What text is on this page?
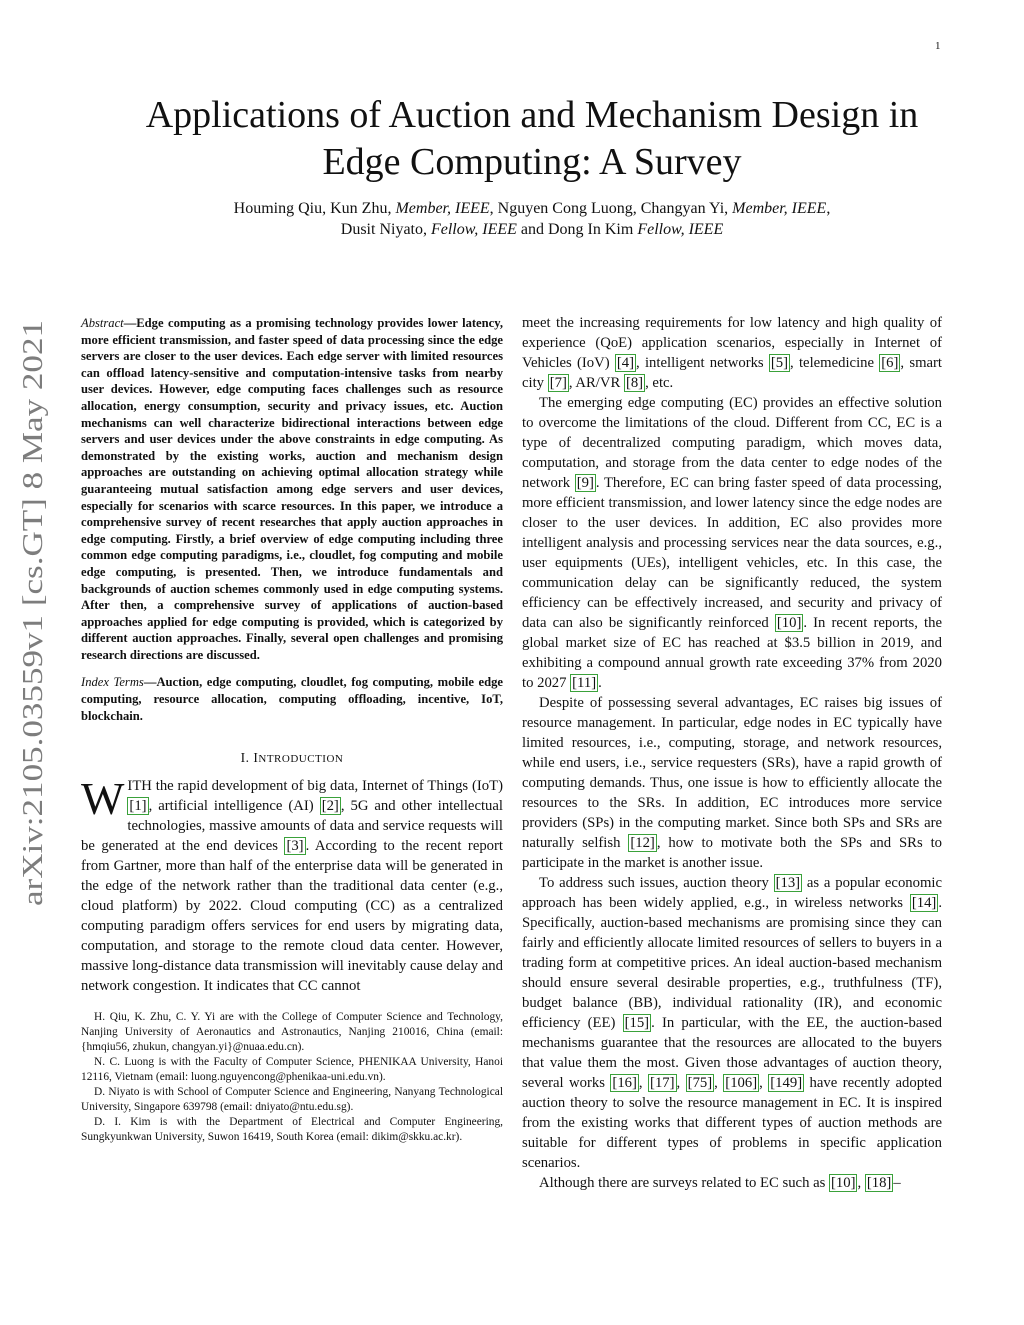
1
Applications of Auction and Mechanism Design in
Edge Computing: A Survey
Houming Qiu, Kun Zhu, Member, IEEE, Nguyen Cong Luong, Changyan Yi, Member, IEEE,
Dusit Niyato, Fellow, IEEE and Dong In Kim Fellow, IEEE
arXiv:2105.03559v1 [cs.GT] 8 May 2021

Abstract—Edge computing as a promising technology provides lower latency, more efficient transmission, and faster speed of data processing since the edge servers are closer to the user devices. Each edge server with limited resources can offload latency-sensitive and computation-intensive tasks from nearby user devices. However, edge computing faces challenges such as resource allocation, energy consumption, security and privacy issues, etc. Auction mechanisms can well characterize bidirectional interactions between edge servers and user devices under the above constraints in edge computing. As demonstrated by the existing works, auction and mechanism design approaches are outstanding on achieving optimal allocation strategy while guaranteeing mutual satisfaction among edge servers and user devices, especially for scenarios with scarce resources. In this paper, we introduce a comprehensive survey of recent researches that apply auction approaches in edge computing. Firstly, a brief overview of edge computing including three common edge computing paradigms, i.e., cloudlet, fog computing and mobile edge computing, is presented. Then, we introduce fundamentals and backgrounds of auction schemes commonly used in edge computing systems. After then, a comprehensive survey of applications of auction-based approaches applied for edge computing is provided, which is categorized by different auction approaches. Finally, several open challenges and promising research directions are discussed.

Index Terms—Auction, edge computing, cloudlet, fog computing, mobile edge computing, resource allocation, computing offloading, incentive, IoT, blockchain.

I. INTRODUCTION

WITH the rapid development of big data, Internet of Things (IoT) [1] , artificial intelligence (AI) [2] , 5G and other intellectual technologies, massive amounts of data and service requests will be generated at the end devices [3] . According to the recent report from Gartner, more than half of the enterprise data will be generated in the edge of the network rather than the traditional data center (e.g., cloud platform) by 2022. Cloud computing (CC) as a centralized computing paradigm offers services for end users by migrating data, computation, and storage to the remote cloud data center. However, massive long-distance data transmission will inevitably cause delay and network congestion. It indicates that CC cannot

H. Qiu, K. Zhu, C. Y. Yi are with the College of Computer Science and Technology, Nanjing University of Aeronautics and Astronautics, Nanjing 210016, China (email: {hmqiu56, zhukun, changyan.yi}@nuaa.edu.cn).

N. C. Luong is with the Faculty of Computer Science, PHENIKAA University, Hanoi 12116, Vietnam (email: luong.nguyencong@phenikaa-uni.edu.vn).

D. Niyato is with School of Computer Science and Engineering, Nanyang Technological University, Singapore 639798 (email: dniyato@ntu.edu.sg).

D. I. Kim is with the Department of Electrical and Computer Engineering, Sungkyunkwan University, Suwon 16419, South Korea (email: dikim@skku.ac.kr).

meet the increasing requirements for low latency and high quality of experience (QoE) application scenarios, especially in Internet of Vehicles (IoV) [4] , intelligent networks [5] , telemedicine [6] , smart city [7] , AR/VR [8] , etc.

The emerging edge computing (EC) provides an effective solution to overcome the limitations of the cloud. Different from CC, EC is a type of decentralized computing paradigm, which moves data, computation, and storage from the data center to edge nodes of the network [9] . Therefore, EC can bring faster speed of data processing, more efficient transmission, and lower latency since the edge nodes are closer to the user devices. In addition, EC also provides more intelligent analysis and processing services near the data sources, e.g., user equipments (UEs), intelligent vehicles, etc. In this case, the communication delay can be significantly reduced, the system efficiency can be effectively increased, and security and privacy of data can also be significantly reinforced [10] . In recent reports, the global market size of EC has reached at $3.5 billion in 2019, and exhibiting a compound annual growth rate exceeding 37% from 2020 to 2027 [11] .

Despite of possessing several advantages, EC raises big issues of resource management. In particular, edge nodes in EC typically have limited resources, i.e., computing, storage, and network resources, while end users, i.e., service requesters (SRs), have a rapid growth of computing demands. Thus, one issue is how to efficiently allocate the resources to the SRs. In addition, EC introduces more service providers (SPs) in the computing market. Since both SPs and SRs are naturally selfish [12] , how to motivate both the SPs and SRs to participate in the market is another issue.

To address such issues, auction theory [13] as a popular economic approach has been widely applied, e.g., in wireless networks [14] . Specifically, auction-based mechanisms are promising since they can fairly and efficiently allocate limited resources of sellers to buyers in a trading form at competitive prices. An ideal auction-based mechanism should ensure several desirable properties, e.g., truthfulness (TF), budget balance (BB), individual rationality (IR), and economic efficiency (EE) [15] . In particular, with the EE, the auction-based mechanisms guarantee that the resources are allocated to the buyers that value them the most. Given those advantages of auction theory, several works [16] , [17] , [75] , [106] , [149] have recently adopted auction theory to solve the resource management in EC. It is inspired from the existing works that different types of auction methods are suitable for different types of problems in specific application scenarios.

Although there are surveys related to EC such as [10] , [18] –
